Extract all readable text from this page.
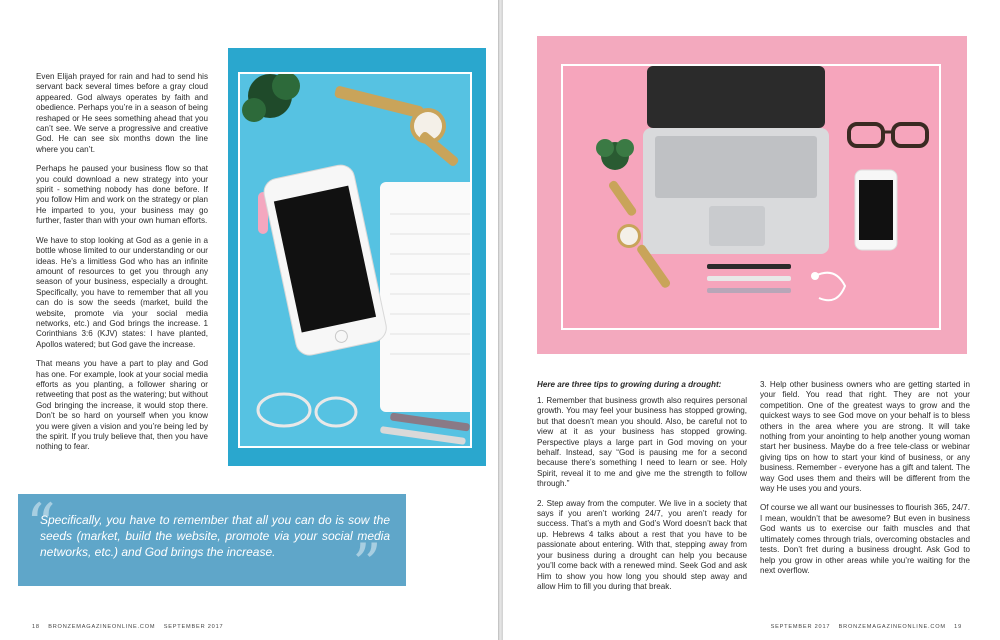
Even Elijah prayed for rain and had to send his servant back several times before a gray cloud appeared. God always operates by faith and obedience. Perhaps you’re in a season of being reshaped or He sees something ahead that you can’t see. We serve a progressive and creative God. He can see six months down the line where you can’t.

Perhaps he paused your business flow so that you could download a new strategy into your spirit - something nobody has done before. If you follow Him and work on the strategy or plan He imparted to you, your business may go further, faster than with your own human efforts.

We have to stop looking at God as a genie in a bottle whose limited to our understanding or our ideas. He’s a limitless God who has an infinite amount of resources to get you through any season of your business, especially a drought. Specifically, you have to remember that all you can do is sow the seeds (market, build the website, promote via your social media networks, etc.) and God brings the increase. 1 Corinthians 3:6 (KJV) states: I have planted, Apollos watered; but God gave the increase.

That means you have a part to play and God has one. For example, look at your social media efforts as you planting, a follower sharing or retweeting that post as the watering; but without God bringing the increase, it would stop there. Don’t be so hard on yourself when you know you were given a vision and you’re being led by the spirit. If you truly believe that, then you have nothing to fear.

“
”
Specifically, you have to remember that all you can do is sow the seeds (market, build the website, promote via your social media networks, etc.) and God brings the increase.
18 BRONZEMAGAZINEONLINE.COM SEPTEMBER 2017

Here are three tips to growing during a drought:

1. Remember that business growth also requires personal growth. You may feel your business has stopped growing, but that doesn’t mean you should. Also, be careful not to view at it as your business has stopped growing. Perspective plays a large part in God moving on your behalf. Instead, say “God is pausing me for a second because there’s something I need to learn or see. Holy Spirit, reveal it to me and give me the strength to follow through.”

2. Step away from the computer. We live in a society that says if you aren’t working 24/7, you aren’t ready for success. That’s a myth and God’s Word doesn’t back that up. Hebrews 4 talks about a rest that you have to be passionate about entering. With that, stepping away from your business during a drought can help you because you’ll come back with a renewed mind. Seek God and ask Him to show you how long you should step away and allow Him to fill you during that break.

3. Help other business owners who are getting started in your field. You read that right. They are not your competition. One of the greatest ways to grow and the quickest ways to see God move on your behalf is to bless others in the area where you are strong. It will take nothing from your anointing to help another young woman start her business. Maybe do a free tele-class or webinar giving tips on how to start your kind of business, or any business. Remember - everyone has a gift and talent. The way God uses them and theirs will be different from the way He uses you and yours.

Of course we all want our businesses to flourish 365, 24/7. I mean, wouldn’t that be awesome? But even in business God wants us to exercise our faith muscles and that ultimately comes through trials, overcoming obstacles and tests. Don’t fret during a business drought. Ask God to help you grow in other areas while you’re waiting for the next overflow.

SEPTEMBER 2017 BRONZEMAGAZINEONLINE.COM 19
